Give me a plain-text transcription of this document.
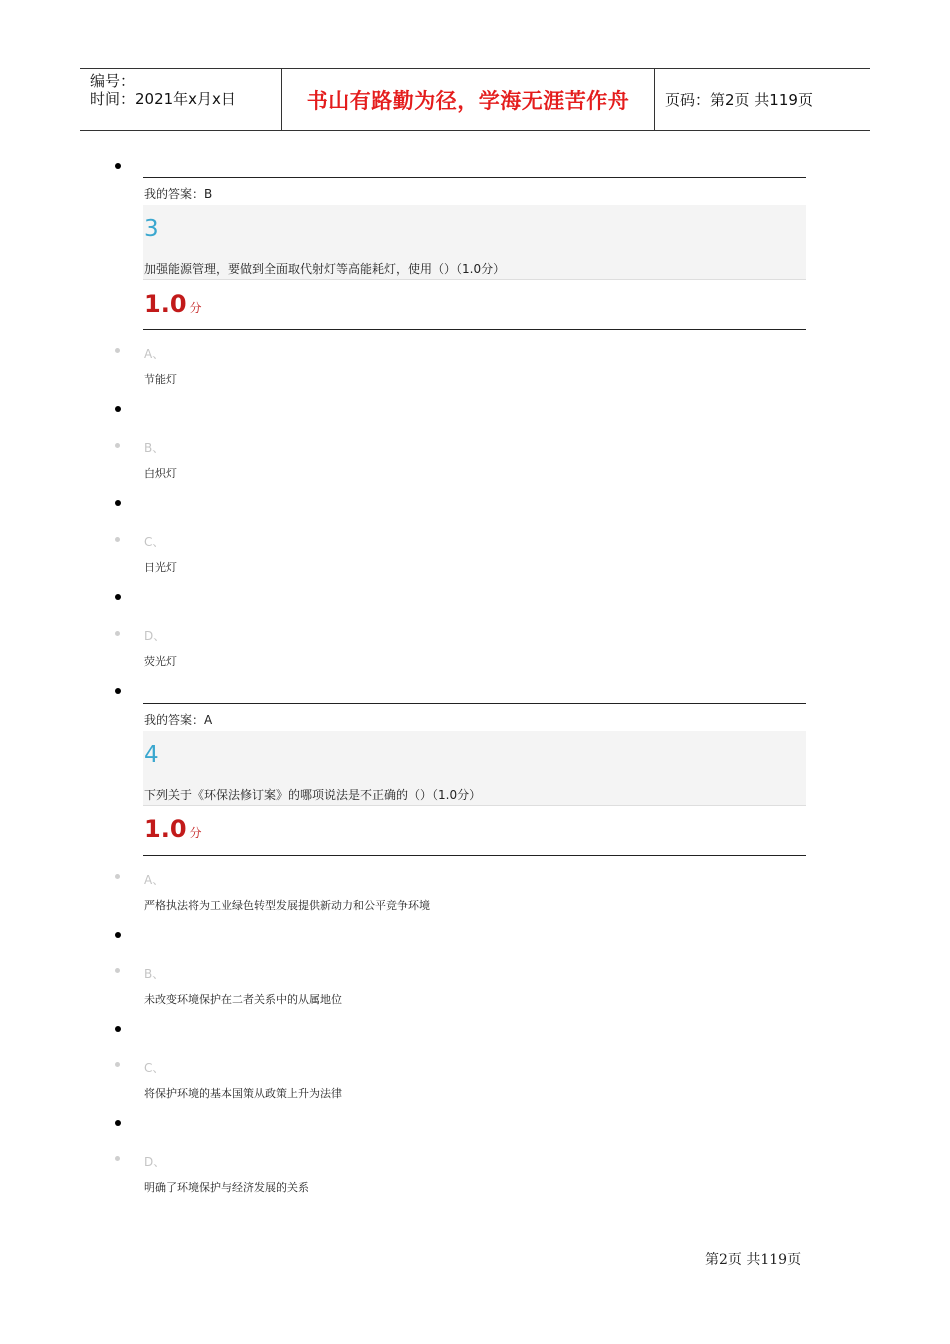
编号：
时间：2021年x月x日	书山有路勤为径，学海无涯苦作舟	页码：第2页 共119页
我的答案：B
3
加强能源管理，要做到全面取代射灯等高能耗灯，使用（）（1.0分）
1.0 分
A、
节能灯
B、
白炽灯
C、
日光灯
D、
荧光灯
我的答案：A
4
下列关于《环保法修订案》的哪项说法是不正确的（）（1.0分）
1.0 分
A、
严格执法将为工业绿色转型发展提供新动力和公平竞争环境
B、
未改变环境保护在二者关系中的从属地位
C、
将保护环境的基本国策从政策上升为法律
D、
明确了环境保护与经济发展的关系
第2页 共119页
